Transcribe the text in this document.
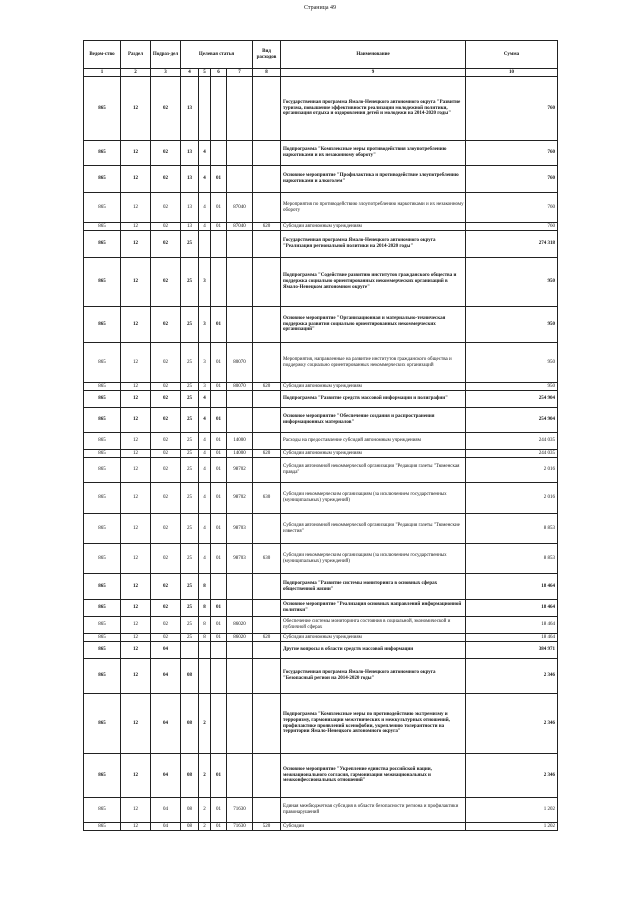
Страница 49
Ведом-ство	Раздел	Подраз-дел	Целевая статья				Вид расходов	Наименование	Сумма
1	2	3	4	5	6	7	8	9	10
865	12	02	13					Государственная программа Ямало-Ненецкого автономного округа "Развитие туризма, повышение эффективности реализации молодежной политики, организация отдыха и оздоровления детей и молодежи на 2014-2020 годы"	760
865	12	02	13	4				Подпрограмма "Комплексные меры противодействия злоупотреблению наркотиками и их незаконному обороту"	760
865	12	02	13	4	01			Основное мероприятие "Профилактика и противодействие злоупотреблению наркотиками и алкоголем"	760
865	12	02	13	4	01	87040		Мероприятия по противодействию злоупотреблению наркотиками и их незаконному обороту	760
865	12	02	13	4	01	87040	620	Субсидии автономным учреждениям	760
865	12	02	25					Государственная программа Ямало-Ненецкого автономного округа "Реализация региональной политики на 2014-2020 годы"	274 318
865	12	02	25	3				Подпрограмма "Содействие развитию институтов гражданского общества и поддержка социально ориентированных некоммерческих организаций в Ямало-Ненецком автономном округе"	950
865	12	02	25	3	01			Основное мероприятие "Организационная и материально-техническая поддержка развития социально ориентированных некоммерческих организаций"	950
865	12	02	25	3	01	80070		Мероприятия, направленные на развитие институтов гражданского общества и поддержку социально ориентированных некоммерческих организаций	950
865	12	02	25	3	01	80070	620	Субсидии автономным учреждениям	950
865	12	02	25	4				Подпрограмма "Развитие средств массовой информации и полиграфии"	254 904
865	12	02	25	4	01			Основное мероприятие "Обеспечение создания и распространения информационных материалов"	254 904
865	12	02	25	4	01	14000		Расходы на предоставление субсидий автономным учреждениям	244 035
865	12	02	25	4	01	14000	620	Субсидии автономным учреждениям	244 035
865	12	02	25	4	01	98702		Субсидия автономной некоммерческой организации "Редакция газеты "Тюменская правда"	2 016
865	12	02	25	4	01	98702	630	Субсидии некоммерческим организациям (за исключением государственных (муниципальных) учреждений)	2 016
865	12	02	25	4	01	98703		Субсидия автономной некоммерческой организации "Редакция газеты "Тюменские известия"	8 853
865	12	02	25	4	01	98703	630	Субсидии некоммерческим организациям (за исключением государственных (муниципальных) учреждений)	8 853
865	12	02	25	8				Подпрограмма "Развитие системы мониторинга в основных сферах общественной жизни"	18 464
865	12	02	25	8	01			Основное мероприятие "Реализация основных направлений информационной политики"	18 464
865	12	02	25	8	01	86020		Обеспечение системы мониторинга состояния в социальной, экономической и публичной сферах	18 464
865	12	02	25	8	01	86020	620	Субсидии автономным учреждениям	18 464
865	12	04						Другие вопросы в области средств массовой информации	384 971
865	12	04	08					Государственная программа Ямало-Ненецкого автономного округа "Безопасный регион на 2014-2020 годы"	2 346
865	12	04	08	2				Подпрограмма "Комплексные меры по противодействию экстремизму и терроризму, гармонизации межэтнических и межкультурных отношений, профилактике проявлений ксенофобии, укреплению толерантности на территории Ямало-Ненецкого автономного округа"	2 346
865	12	04	08	2	01			Основное мероприятие "Укрепление единства российской нации, межнационального согласия, гармонизация межнациональных и межконфессиональных отношений"	2 346
865	12	04	08	2	01	71630		Единая межбюджетная субсидия в области безопасности региона и профилактики правонарушений	1 202
865	12	04	08	2	01	71630	520	Субсидии	1 202
